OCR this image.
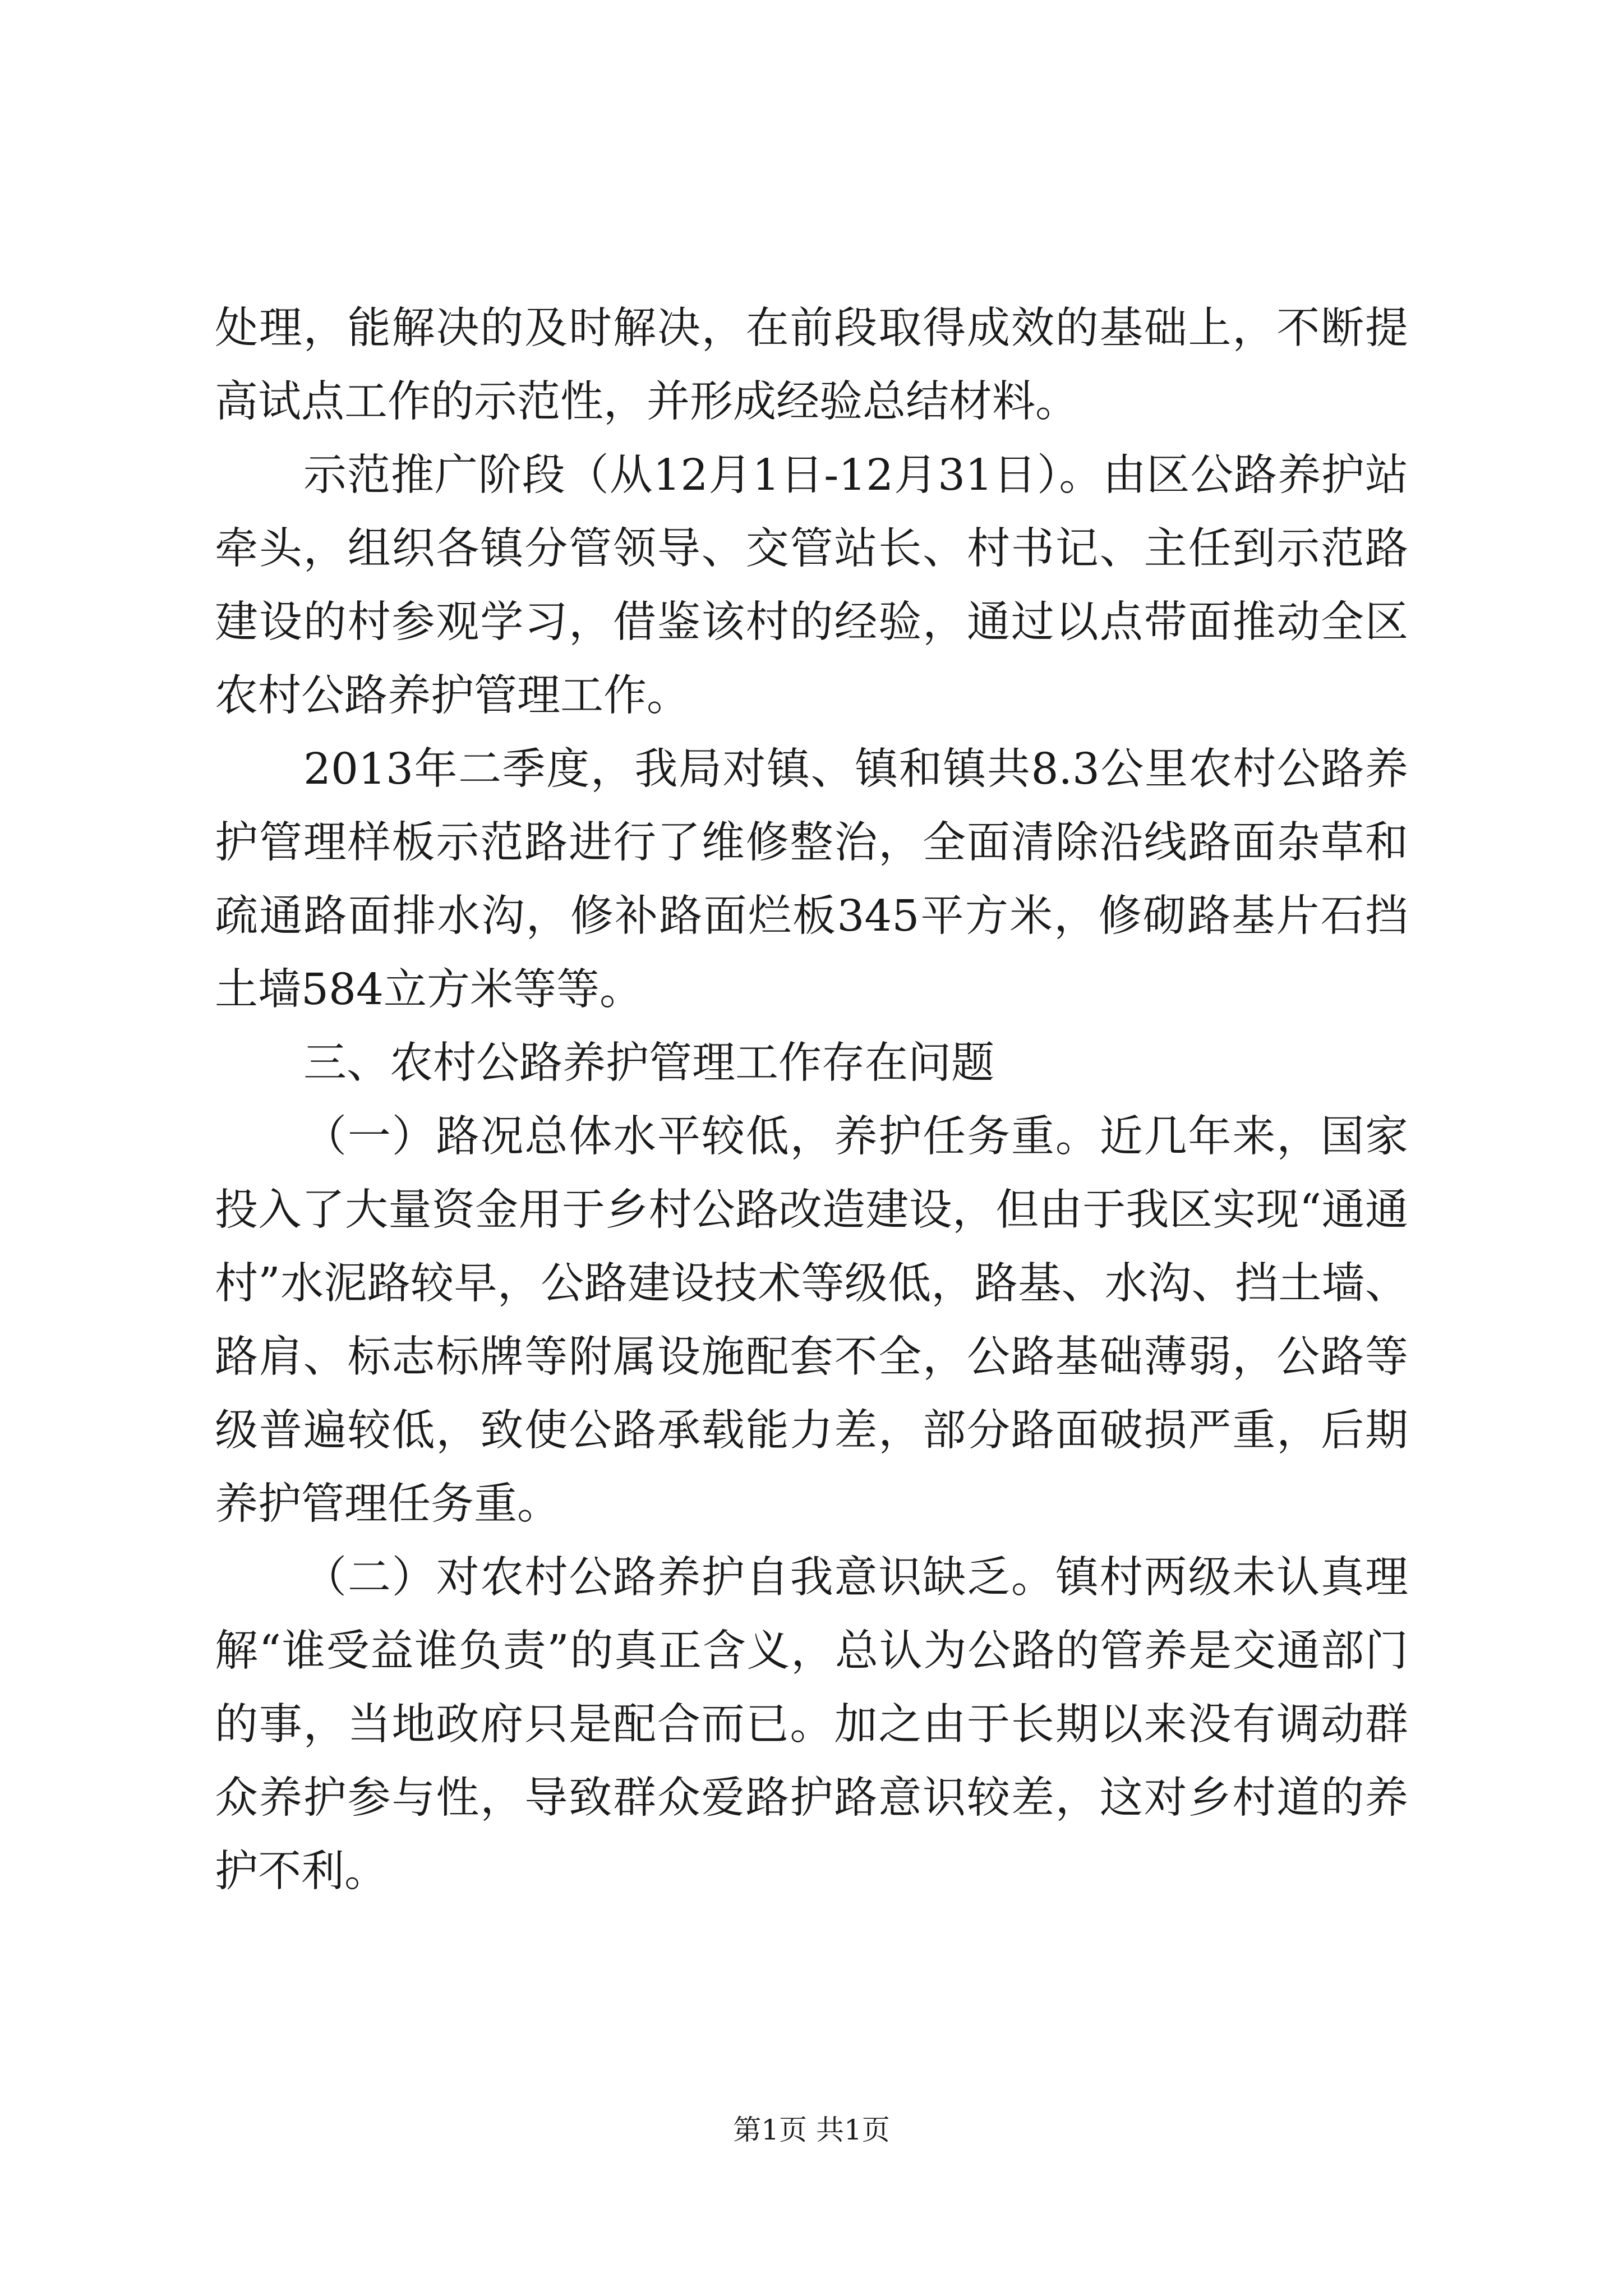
处理，能解决的及时解决，在前段取得成效的基础上，不断提高试点工作的示范性，并形成经验总结材料。

示范推广阶段（从12月1日-12月31日）。由区公路养护站牵头，组织各镇分管领导、交管站长、村书记、主任到示范路建设的村参观学习，借鉴该村的经验，通过以点带面推动全区农村公路养护管理工作。

2013年二季度，我局对镇、镇和镇共8.3公里农村公路养护管理样板示范路进行了维修整治，全面清除沿线路面杂草和疏通路面排水沟，修补路面烂板345平方米，修砌路基片石挡土墙584立方米等等。

三、农村公路养护管理工作存在问题

（一）路况总体水平较低，养护任务重。近几年来，国家投入了大量资金用于乡村公路改造建设，但由于我区实现“通通村”水泥路较早，公路建设技术等级低，路基、水沟、挡土墙、路肩、标志标牌等附属设施配套不全，公路基础薄弱，公路等级普遍较低，致使公路承载能力差，部分路面破损严重，后期养护管理任务重。

（二）对农村公路养护自我意识缺乏。镇村两级未认真理解“谁受益谁负责”的真正含义，总认为公路的管养是交通部门的事，当地政府只是配合而已。加之由于长期以来没有调动群众养护参与性，导致群众爱路护路意识较差，这对乡村道的养护不利。

第1页 共1页
